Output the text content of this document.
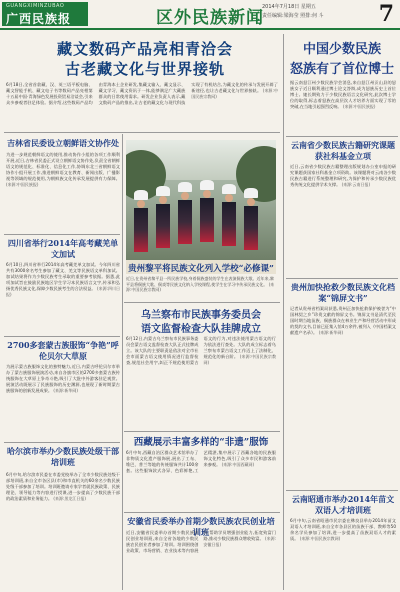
GUANGXIMINZUBAO
广西民族报	区外民族新闻
2014年7月18日 星期五
责任编辑:梁海莹 照排:何 斗	7
藏文数码产品亮相青洽会
古老藏文化与世界接轨
6月18日,全省首款藏、汉、英三语平板电脑、藏文智能手机、藏文电子书等数码产品亮相第十五届中国·青海绿色发展投资贸易洽谈会,引来众多参观者驻足体验。据介绍,这些数码产品均由青海本土企业研发,集藏文输入、藏文显示、藏文学习、藏文资讯于一体,能够满足广大藏族群众的日常使用需求。研发企业负责人表示,藏文数码产品的推出,让古老的藏文化与现代科技实现了有机结合,为藏文化的传承与发展开辟了新途径,也让古老藏文化与世界接轨。 (来源:中国民族宗教网)
中国少数民族
怒族有了首位博士
据云南怒江州少数民族学会消息,来自怒江州贡山县的怒族女子近日顺利通过博士论文答辩,成为怒族历史上首位博士。她长期致力于少数民族语言文化研究,此次博士学位的取得,标志着怒族在高层次人才培养方面实现了零的突破,在当地引起强烈反响。 (来源:中国民族报)
吉林省民委设立朝鲜语文协作处
为进一步规范朝鲜语文的使用,推动协作小组的各项工作顺利开展,近日,吉林省民委正式设立朝鲜语文协作处,负责全省朝鲜语文的规范化、标准化、信息化工作,协调东北三省朝鲜语文协作小组开展工作,推进朝鲜语文在教育、新闻出版、广播影视等领域的规范使用,为朝鲜族文化传承发展提供有力保障。 (来源:中国民族报)
四川省举行2014年高考藏羌单文加试
6月10日,四川省举行2014年高考藏羌单文加试。今年四川省共有3000余名考生参加了藏文、羌文等民族语文单科加试。加试结果将作为少数民族考生录取的重要参考依据。据悉,此项加试旨在鼓励民族地区学生学习本民族语言文字,传承和弘扬优秀民族文化,保障少数民族考生的合法权益。 (来源:四川日报)
2700多套蒙古族服饰“争艳”呼伦贝尔大草原
为展示蒙古族服饰文化的独特魅力,近日,内蒙古呼伦贝尔市举办了蒙古族服饰展演活动,来自各旗市区的2700多套蒙古族传统服饰在大草原上争奇斗艳,吸引了大批中外游客驻足观赏。展演活动既展示了民族服饰的历史渊源,也展现了新时期蒙古族服饰的创新发展成果。 (来源:新华网)
哈尔滨市举办少数民族处级干部培训班
6月中旬,哈尔滨市民委在市委党校举办了全市少数民族处级干部培训班,来自全市各区县(市)和市直机关的60余名少数民族处级干部参加了培训。培训班邀请专家学者就民族政策、民族理论、领导能力等内容进行授课,进一步提高了少数民族干部的政治素质和业务能力。 (来源:黑龙江日报)
贵州黎平将民族文化列入学校“必修课”
近日,在贵州省黎平县一所民族学校,身着侗族盛装的学生在表演侗族大歌。近年来,黎平县将侗族大歌、侗戏等民族文化纳入学校课程,使学生在学习中传承民族文化。 (来源:中国民族宗教网)
乌兰察布市民族事务委员会
语文监督检查大队挂牌成立
6月12日,内蒙古乌兰察布市民族事务委员会蒙古语文监督检查大队正式挂牌成立。该大队的主要职责是依法对全市社会市面蒙古语文使用情况进行监督检查,规范社会用字,纠正不规范使用蒙古语文的行为,对违法使用蒙古语文的行为依法进行查处。大队的成立标志着乌兰察布市蒙古语文工作迈上了法制化、规范化的新台阶。 (来源:中国民族宗教网)
西藏展示丰富多样的“非遗”服饰
6月中旬,西藏自治区群众艺术馆举办了非物质文化遗产服饰展,展出了工布、堆巴、普兰等地的传统服饰共计100余套。这些服饰款式各异、色彩鲜艳,工艺精湛,集中展示了西藏各地的民族服饰文化特色,吸引了众多市民和游客前来参观。 (来源:中国西藏网)
安徽省民委举办首期少数民族农民创业培训班
近日,安徽省民委举办首期少数民族农民创业培训班,来自全省各地的少数民族农民创业者参加了培训。培训围绕创业政策、市场营销、农业技术等内容展开,帮助学员增强创业能力,拓宽致富门路,推动少数民族群众增收致富。 (来源:安徽日报)
云南省少数民族古籍研究课题获社科基金立项
近日,云南省少数民族古籍整理出版规划办公室申报的研究课题获国家社科基金立项资助。该课题将对云南各少数民族古籍进行系统整理和研究,为保护和传承少数民族优秀传统文化提供学术支撑。 (来源:云南日报)
贵州加快抢救少数民族文化档案“锦屏文书”
记者从贵州省档案局获悉,贵州正加快抢救保护被誉为“中国林契之乡”珍贵文献的锦屏文书。锦屏文书是清代至民国时期当地苗族、侗族群众在林业生产和经营活动中形成的契约文书,目前已征集入馆4万余件,被列入《中国档案文献遗产名录》。 (来源:新华网)
云南昭通市举办2014年苗文双语人才培训班
6月中旬,云南省昭通市民宗委在彝良县举办2014年苗文双语人才培训班,来自全市各县区的苗族干部、教师等50余名学员参加了培训,进一步提高了苗族双语人才的素质。 (来源:中国民族宗教网)
